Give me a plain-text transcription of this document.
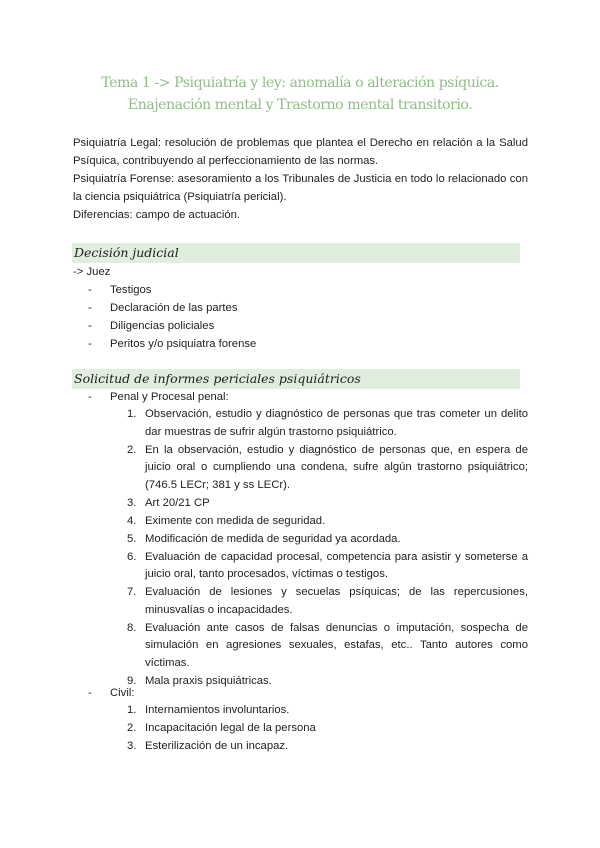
Tema 1 -> Psiquiatría y ley: anomalía o alteración psíquica. Enajenación mental y Trastorno mental transitorio.

Psiquiatría Legal: resolución de problemas que plantea el Derecho en relación a la Salud Psíquica, contribuyendo al perfeccionamiento de las normas.

Psiquiatría Forense: asesoramiento a los Tribunales de Justicia en todo lo relacionado con la ciencia psiquiátrica (Psiquiatría pericial).

Diferencias: campo de actuación.

Decisión judicial
-> Juez
- Testigos
- Declaración de las partes
- Diligencias policiales
- Peritos y/o psiquiatra forense
Solicitud de informes periciales psiquiátricos
- Penal y Procesal penal:
1. Observación, estudio y diagnóstico de personas que tras cometer un delito dar muestras de sufrir algún trastorno psiquiátrico.
2. En la observación, estudio y diagnóstico de personas que, en espera de juicio oral o cumpliendo una condena, sufre algún trastorno psiquiátrico; (746.5 LECr; 381 y ss LECr).
3. Art 20/21 CP
4. Eximente con medida de seguridad.
5. Modificación de medida de seguridad ya acordada.
6. Evaluación de capacidad procesal, competencia para asistir y someterse a juicio oral, tanto procesados, víctimas o testigos.
7. Evaluación de lesiones y secuelas psíquicas; de las repercusiones, minusvalías o incapacidades.
8. Evaluación ante casos de falsas denuncias o imputación, sospecha de simulación en agresiones sexuales, estafas, etc.. Tanto autores como víctimas.
9. Mala praxis psiquiátricas.
- Civil:
1. Internamientos involuntarios.
2. Incapacitación legal de la persona
3. Esterilización de un incapaz.
